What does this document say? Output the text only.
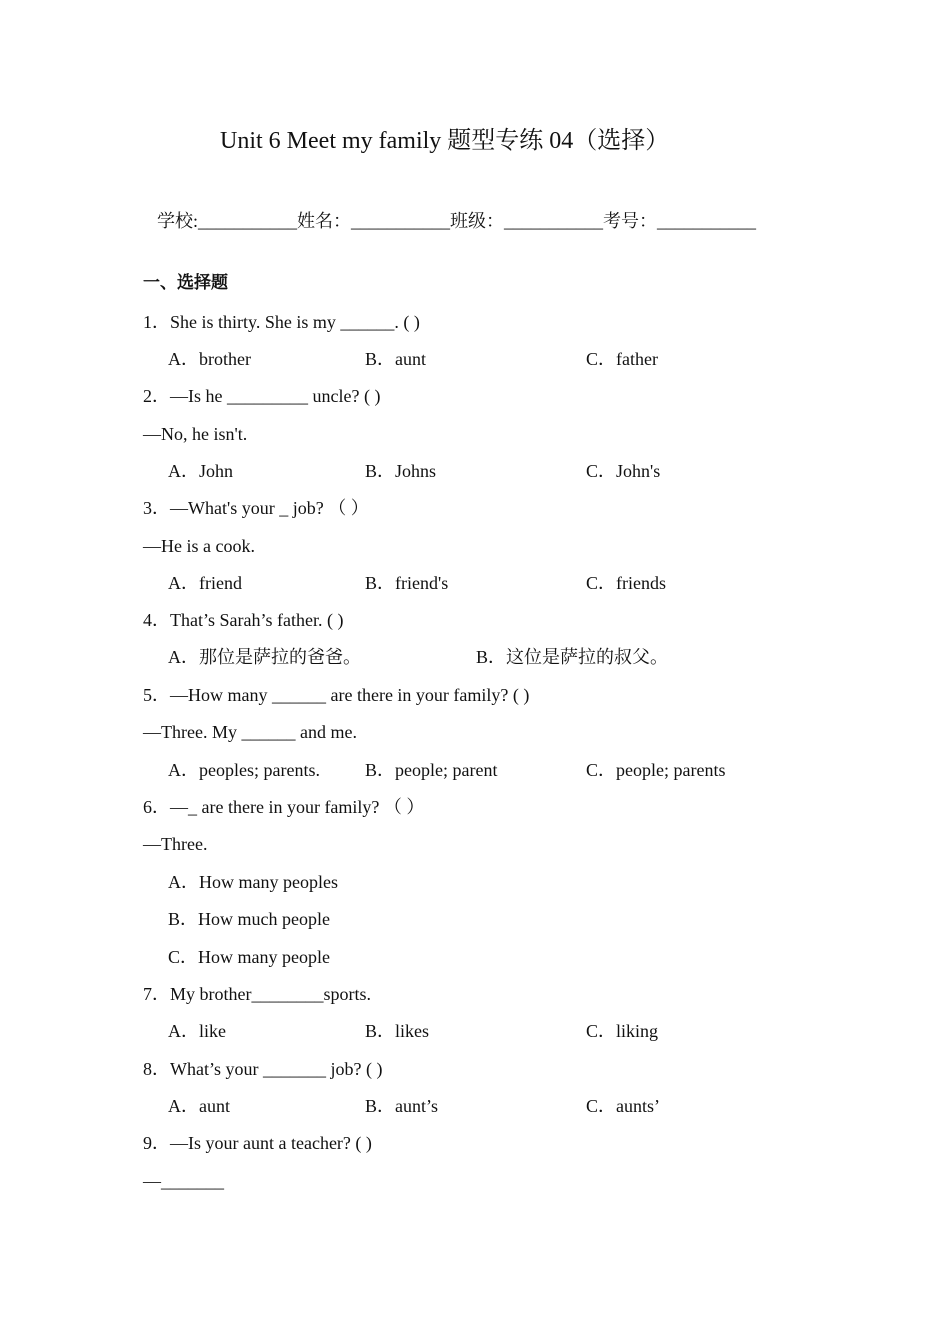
Unit 6 Meet my family 题型专练 04（选择）
学校:___________姓名：___________班级：___________考号：___________
一、选择题
1．She is thirty. She is my ______. ( )
A．brother	B．aunt	C．father
2．—Is he _________ uncle? ( )
—No, he isn't.
A．John	B．Johns	C．John's
3．—What's your _ job? （ ）
—He is a cook.
A．friend	B．friend's	C．friends
4．That’s Sarah’s father. ( )
A．那位是萨拉的爸爸。	B．这位是萨拉的叔父。
5．—How many ______ are there in your family? ( )
—Three. My ______ and me.
A．peoples; parents.	B．people; parent	C．people; parents
6．—_ are there in your family? （ ）
—Three.
A．How many peoples
B．How much people
C．How many people
7．My brother________sports.
A．like	B．likes	C．liking
8．What’s your _______ job? ( )
A．aunt	B．aunt’s	C．aunts’
9．—Is your aunt a teacher? ( )
—_______
